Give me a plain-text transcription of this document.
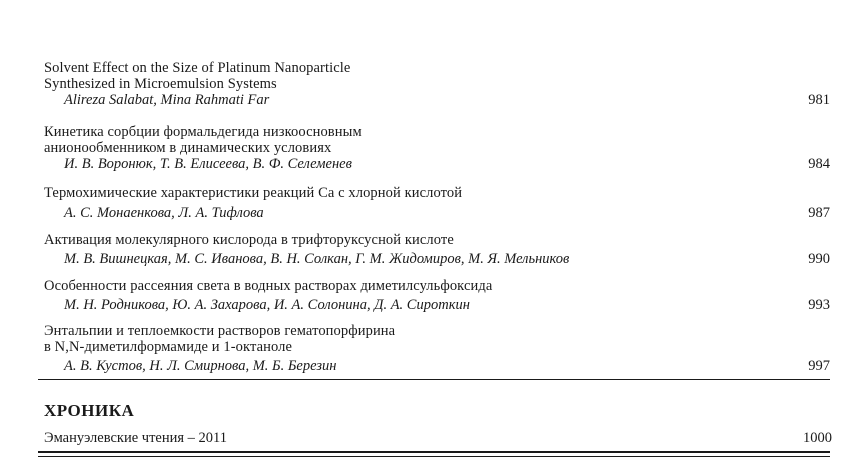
Solvent Effect on the Size of Platinum Nanoparticle
Synthesized in Microemulsion Systems
Alireza Salabat, Mina Rahmati Far	981
Кинетика сорбции формальдегида низкоосновным
анионообменником в динамических условиях
И. В. Воронюк, Т. В. Елисеева, В. Ф. Селеменев	984
Термохимические характеристики реакций Ca с хлорной кислотой
А. С. Монаенкова, Л. А. Тифлова	987
Активация молекулярного кислорода в трифторуксусной кислоте
М. В. Вишнецкая, М. С. Иванова, В. Н. Солкан, Г. М. Жидомиров, М. Я. Мельников	990
Особенности рассеяния света в водных растворах диметилсульфоксида
М. Н. Родникова, Ю. А. Захарова, И. А. Солонина, Д. А. Сироткин	993
Энтальпии и теплоемкости растворов гематопорфирина
в N,N-диметилформамиде и 1-октаноле
А. В. Кустов, Н. Л. Смирнова, М. Б. Березин	997
ХРОНИКА
Эмануэлевские чтения – 2011	1000
